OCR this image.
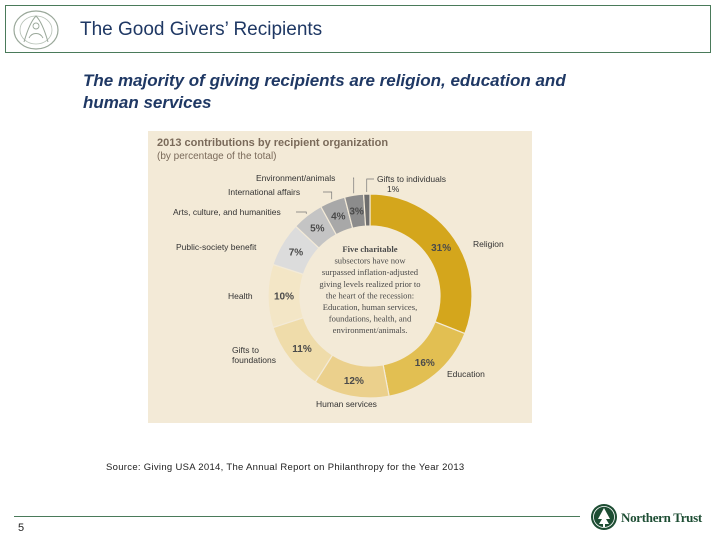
The Good Givers’ Recipients
The majority of giving recipients are religion, education and human services
2013 contributions by recipient organization
(by percentage of the total)
31%
16%
12%
11%
10%
7%
5%
4% 3%
Religion
Education
Human services
Gifts to foundations
Health
Public-society benefit
Arts, culture, and humanities
International affairs
Environment/animals	Gifts to individuals 1%
Five charitable subsectors have now surpassed inflation-adjusted giving levels realized prior to the heart of the recession: Education, human services, foundations, health, and environment/animals.
Source: Giving USA 2014, The Annual Report on Philanthropy for the Year 2013
5
Northern Trust
